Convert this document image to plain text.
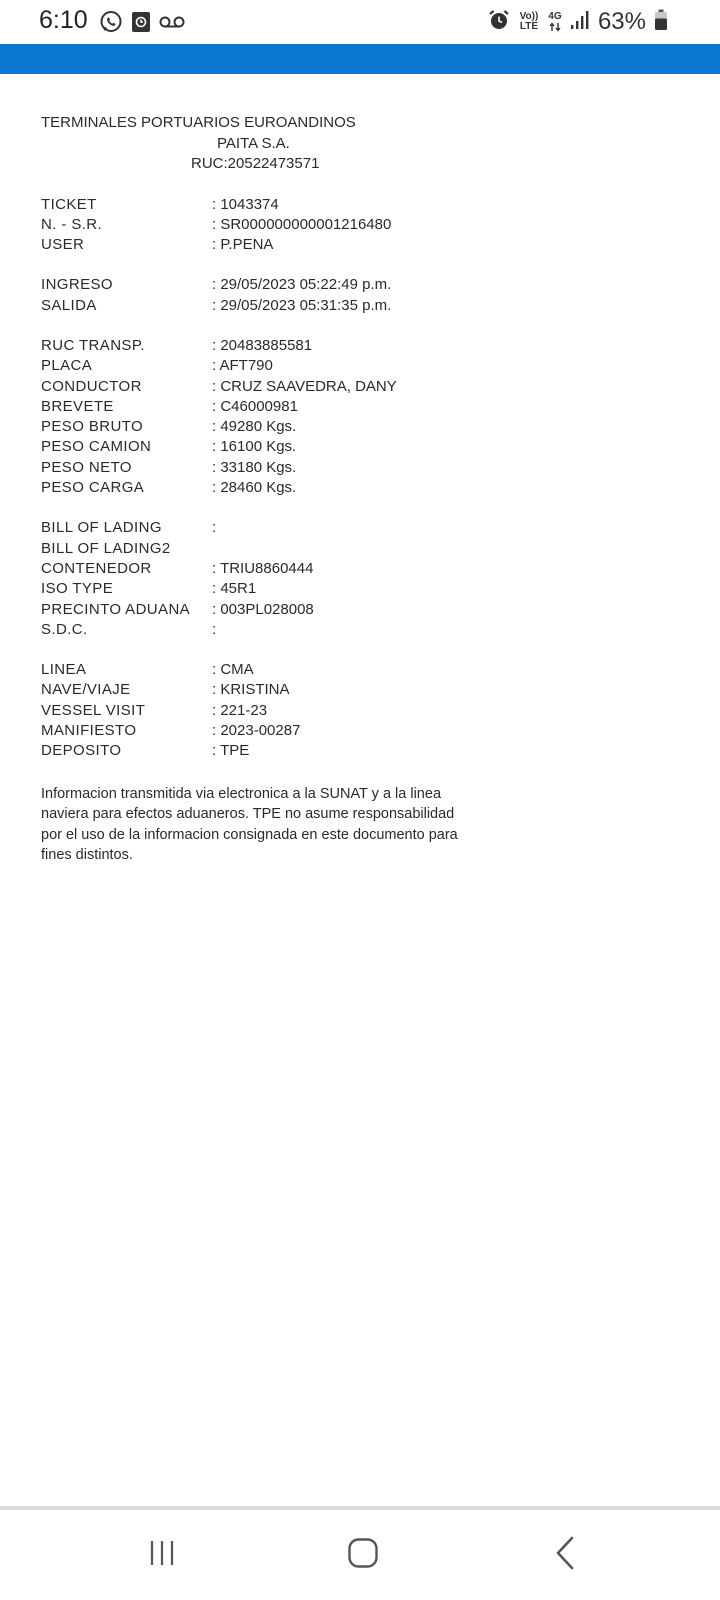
6:10	Vo)) LTE
4G 63%
TERMINALES PORTUARIOS EUROANDINOS
PAITA S.A.
RUC:20522473571
TICKET	: 1043374
N. - S.R.	: SR000000000001216480
USER	: P.PENA
INGRESO	: 29/05/2023 05:22:49 p.m.
SALIDA	: 29/05/2023 05:31:35 p.m.
RUC TRANSP.	: 20483885581
PLACA	: AFT790
CONDUCTOR	: CRUZ SAAVEDRA, DANY
BREVETE	: C46000981
PESO BRUTO	: 49280 Kgs.
PESO CAMION	: 16100 Kgs.
PESO NETO	: 33180 Kgs.
PESO CARGA	: 28460 Kgs.
BILL OF LADING	:
BILL OF LADING2
CONTENEDOR	: TRIU8860444
ISO TYPE	: 45R1
PRECINTO ADUANA	: 003PL028008
S.D.C.	:
LINEA	: CMA
NAVE/VIAJE	: KRISTINA
VESSEL VISIT	: 221-23
MANIFIESTO	: 2023-00287
DEPOSITO	: TPE
Informacion transmitida via electronica a la SUNAT y a la linea naviera para efectos aduaneros. TPE no asume responsabilidad por el uso de la informacion consignada en este documento para fines distintos.
